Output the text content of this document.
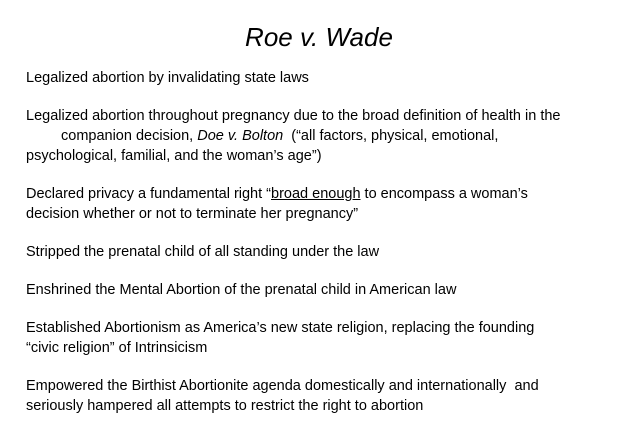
Roe v. Wade

Legalized abortion by invalidating state laws

Legalized abortion throughout pregnancy due to the broad definition of health in the
companion decision, Doe v. Bolton  (“all factors, physical, emotional,
psychological, familial, and the woman’s age”)

Declared privacy a fundamental right “broad enough to encompass a woman’s
decision whether or not to terminate her pregnancy”

Stripped the prenatal child of all standing under the law

Enshrined the Mental Abortion of the prenatal child in American law

Established Abortionism as America’s new state religion, replacing the founding
“civic religion” of Intrinsicism

Empowered the Birthist Abortionite agenda domestically and internationally  and
seriously hampered all attempts to restrict the right to abortion
